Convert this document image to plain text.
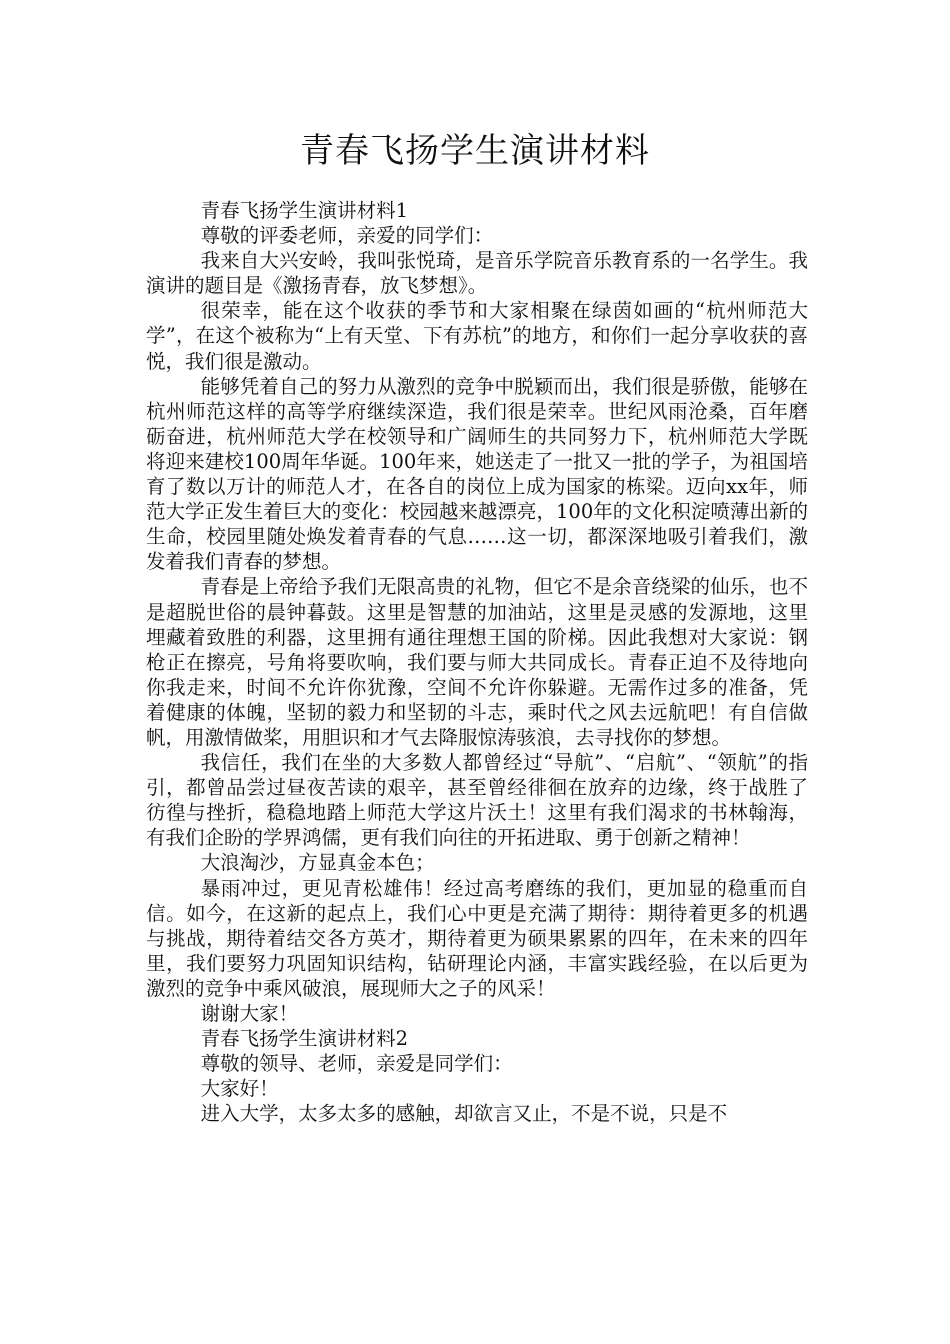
青春飞扬学生演讲材料

青春飞扬学生演讲材料1

尊敬的评委老师，亲爱的同学们：

我来自大兴安岭，我叫张悦琦，是音乐学院音乐教育系的一名学生。我演讲的题目是《激扬青春，放飞梦想》。

很荣幸，能在这个收获的季节和大家相聚在绿茵如画的“杭州师范大学”，在这个被称为“上有天堂、下有苏杭”的地方，和你们一起分享收获的喜悦，我们很是激动。

能够凭着自己的努力从激烈的竞争中脱颖而出，我们很是骄傲，能够在杭州师范这样的高等学府继续深造，我们很是荣幸。世纪风雨沧桑，百年磨砺奋进，杭州师范大学在校领导和广阔师生的共同努力下，杭州师范大学既将迎来建校100周年华诞。100年来，她送走了一批又一批的学子，为祖国培育了数以万计的师范人才，在各自的岗位上成为国家的栋梁。迈向xx年，师范大学正发生着巨大的变化：校园越来越漂亮，100年的文化积淀喷薄出新的生命，校园里随处焕发着青春的气息……这一切，都深深地吸引着我们，激发着我们青春的梦想。

青春是上帝给予我们无限高贵的礼物，但它不是余音绕梁的仙乐，也不是超脱世俗的晨钟暮鼓。这里是智慧的加油站，这里是灵感的发源地，这里埋藏着致胜的利器，这里拥有通往理想王国的阶梯。因此我想对大家说：钢枪正在擦亮，号角将要吹响，我们要与师大共同成长。青春正迫不及待地向你我走来，时间不允许你犹豫，空间不允许你躲避。无需作过多的准备，凭着健康的体魄，坚韧的毅力和坚韧的斗志，乘时代之风去远航吧！有自信做帆，用激情做桨，用胆识和才气去降服惊涛骇浪，去寻找你的梦想。

我信任，我们在坐的大多数人都曾经过“导航”、“启航”、“领航”的指引，都曾品尝过昼夜苦读的艰辛，甚至曾经徘徊在放弃的边缘，终于战胜了彷徨与挫折，稳稳地踏上师范大学这片沃土！这里有我们渴求的书林翰海，有我们企盼的学界鸿儒，更有我们向往的开拓进取、勇于创新之精神！

大浪淘沙，方显真金本色；

暴雨冲过，更见青松雄伟！经过高考磨练的我们，更加显的稳重而自信。如今，在这新的起点上，我们心中更是充满了期待：期待着更多的机遇与挑战，期待着结交各方英才，期待着更为硕果累累的四年，在未来的四年里，我们要努力巩固知识结构，钻研理论内涵，丰富实践经验，在以后更为激烈的竞争中乘风破浪，展现师大之子的风采！

谢谢大家！

青春飞扬学生演讲材料2

尊敬的领导、老师，亲爱是同学们：

大家好！

进入大学，太多太多的感触，却欲言又止，不是不说，只是不
